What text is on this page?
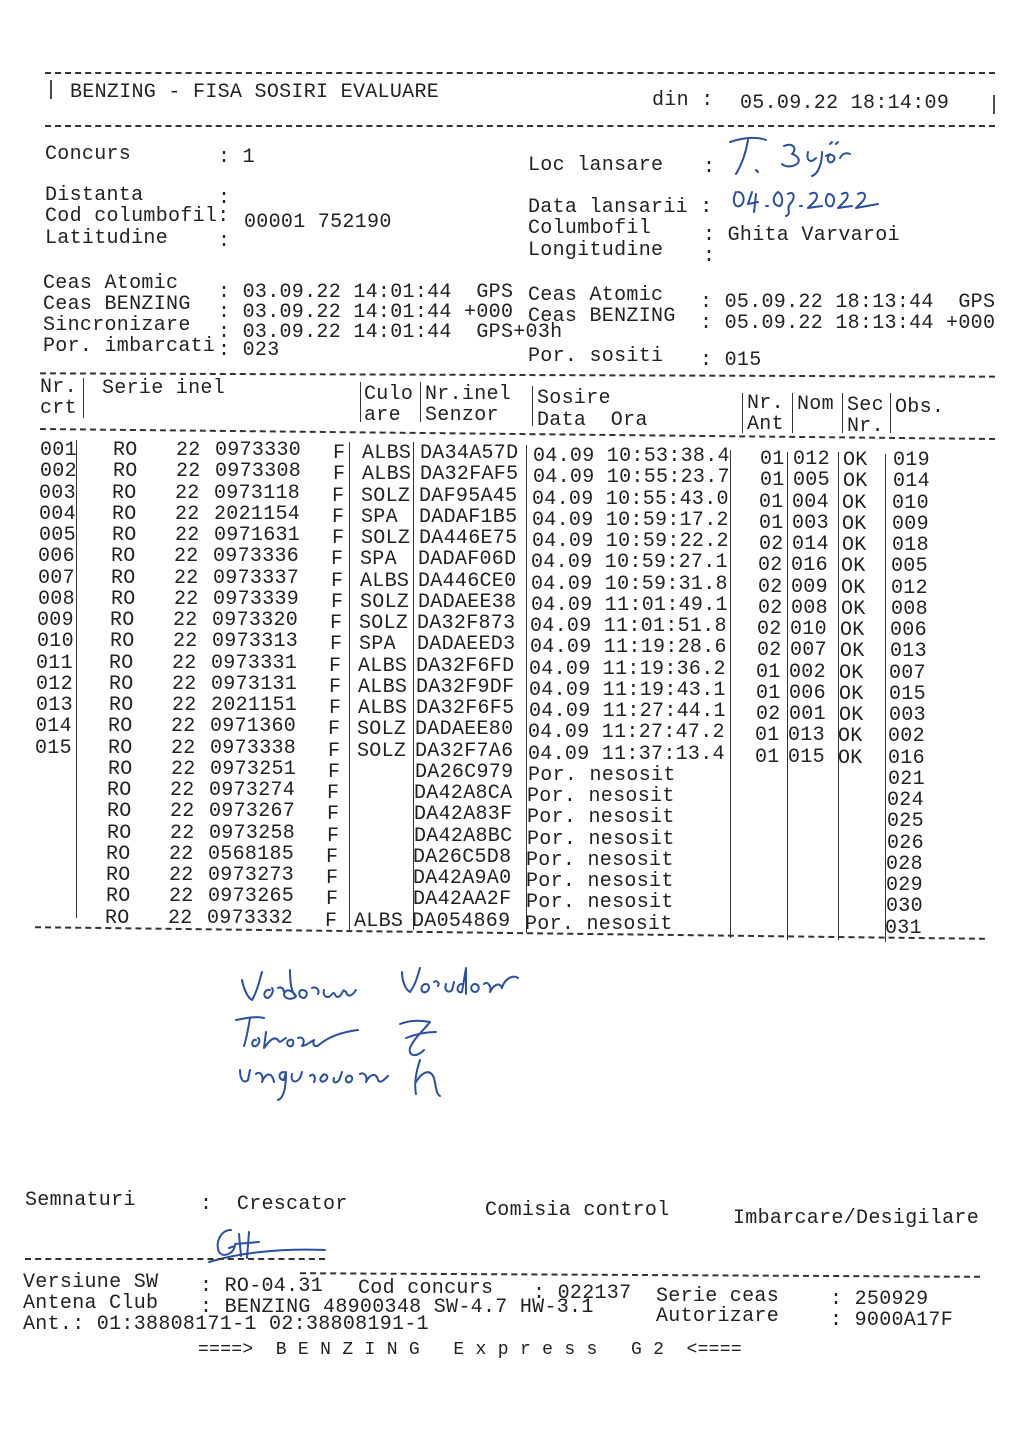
| BENZING - FISA SOSIRI EVALUARE	din : 05.09.22 18:14:09 |
Concurs	: 1
Distanta	:
Cod columbofil: 00001 752190
Latitudine :
Loc lansare :
Data lansarii :
Columbofil	: Ghita Varvaroi
Longitudine :
Ceas Atomic : 03.09.22 14:01:44  GPS
Ceas BENZING : 03.09.22 14:01:44 +000
Sincronizare : 03.09.22 14:01:44  GPS+03h
Por. imbarcati : 023
Ceas Atomic : 05.09.22 18:13:44  GPS
Ceas BENZING : 05.09.22 18:13:44 +000
Por. sositi : 015
Nr.
crt
Serie inel	Culo
are
Nr.inel
Senzor
Sosire
Data  Ora
Nr.
Ant
Nom Sec
Nr.
Obs.
001 RO 22 0973330 F ALBS DA34A57D 04.09 10:53:38.4 01 012 OK 019
002 RO 22 0973308 F ALBS DA32FAF5 04.09 10:55:23.7 01 005 OK 014
003 RO 22 0973118 F SOLZ DAF95A45 04.09 10:55:43.0 01 004 OK 010
004 RO 22 2021154 F SPA DADAF1B5 04.09 10:59:17.2 01 003 OK 009
005 RO 22 0971631 F SOLZ DA446E75 04.09 10:59:22.2 02 014 OK 018
006 RO 22 0973336 F SPA DADAF06D 04.09 10:59:27.1 02 016 OK 005
007 RO 22 0973337 F ALBS DA446CE0 04.09 10:59:31.8 02 009 OK 012
008 RO 22 0973339 F SOLZ DADAEE38 04.09 11:01:49.1 02 008 OK 008
009 RO 22 0973320 F SOLZ DA32F873 04.09 11:01:51.8 02 010 OK 006
010 RO 22 0973313 F SPA DADAEED3 04.09 11:19:28.6 02 007 OK 013
011 RO 22 0973331 F ALBS DA32F6FD 04.09 11:19:36.2 01 002 OK 007
012 RO 22 0973131 F ALBS DA32F9DF 04.09 11:19:43.1 01 006 OK 015
013 RO 22 2021151 F ALBS DA32F6F5 04.09 11:27:44.1 02 001 OK 003
014 RO 22 0971360 F SOLZ DADAEE80 04.09 11:27:47.2 01 013 OK 002
015 RO 22 0973338 F SOLZ DA32F7A6 04.09 11:37:13.4 01 015 OK 016
RO 22 0973251 F	DA26C979 Por. nesosit	021
RO 22 0973274 F	DA42A8CA Por. nesosit	024
RO 22 0973267 F	DA42A83F Por. nesosit	025
RO 22 0973258 F	DA42A8BC Por. nesosit	026
RO 22 0568185 F	DA26C5D8 Por. nesosit	028
RO 22 0973273 F	DA42A9A0 Por. nesosit	029
RO 22 0973265 F	DA42AA2F Por. nesosit	030
RO 22 0973332 F ALBS DA054869 Por. nesosit	031
Semnaturi	:  Crescator	Comisia control	Imbarcare/Desigilare
Versiune SW : RO-04.31 Cod concurs : 022137 Serie ceas	: 250929
Antena Club : BENZING 48900348 SW-4.7 HW-3.1	Autorizare	: 9000A17F
Ant.: 01:38808171-1 02:38808191-1
====>  B E N Z I N G   E x p r e s s   G 2  <====
